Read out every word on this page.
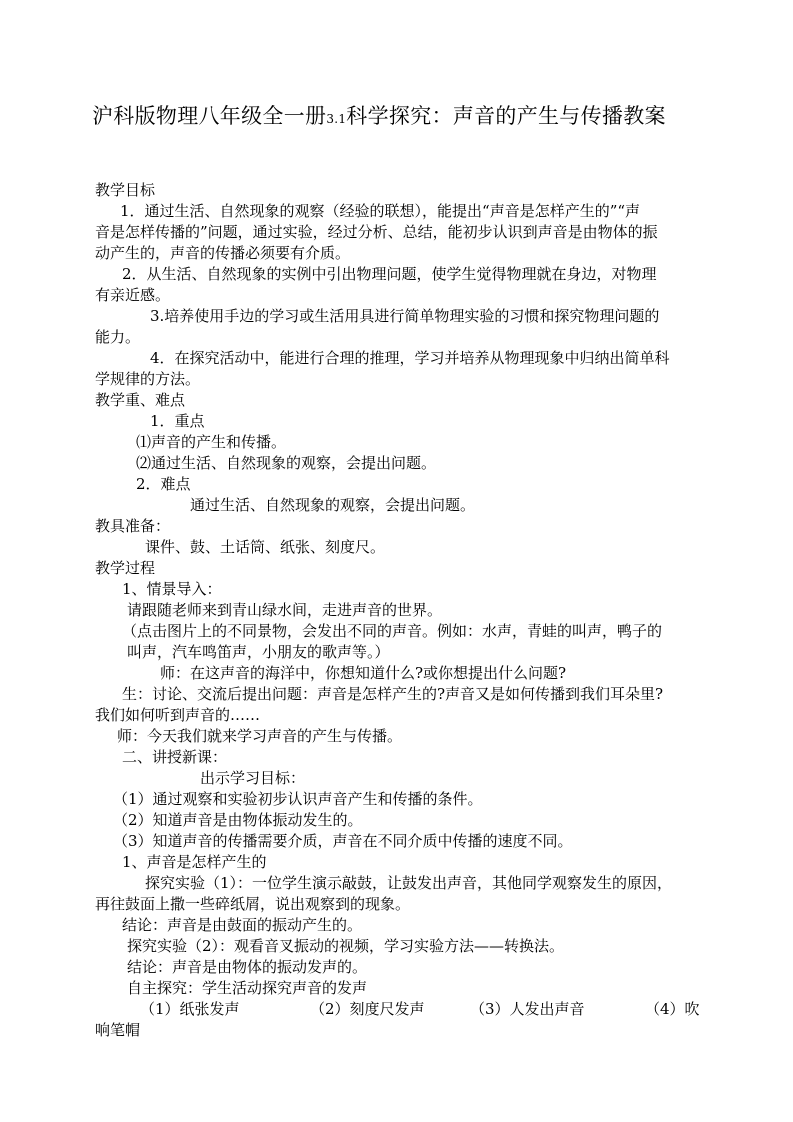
沪科版物理八年级全一册3.1科学探究：声音的产生与传播教案
教学目标
1．通过生活、自然现象的观察（经验的联想），能提出“声音是怎样产生的”“声
音是怎样传播的”问题，通过实验，经过分析、总结，能初步认识到声音是由物体的振
动产生的，声音的传播必须要有介质。
2．从生活、自然现象的实例中引出物理问题，使学生觉得物理就在身边，对物理
有亲近感。
3.培养使用手边的学习或生活用具进行简单物理实验的习惯和探究物理问题的
能力。
4．在探究活动中，能进行合理的推理，学习并培养从物理现象中归纳出简单科
学规律的方法。
教学重、难点
1．重点
⑴声音的产生和传播。
⑵通过生活、自然现象的观察，会提出问题。
2．难点
通过生活、自然现象的观察，会提出问题。
教具准备：
课件、鼓、土话筒、纸张、刻度尺。
教学过程
1、情景导入：
请跟随老师来到青山绿水间，走进声音的世界。
（点击图片上的不同景物，会发出不同的声音。例如：水声，青蛙的叫声，鸭子的
叫声，汽车鸣笛声，小朋友的歌声等。）
师：在这声音的海洋中，你想知道什么?或你想提出什么问题?
生：讨论、交流后提出问题：声音是怎样产生的?声音又是如何传播到我们耳朵里?
我们如何听到声音的……
师：今天我们就来学习声音的产生与传播。
二、讲授新课：
出示学习目标：
（1）通过观察和实验初步认识声音产生和传播的条件。
（2）知道声音是由物体振动发生的。
（3）知道声音的传播需要介质，声音在不同介质中传播的速度不同。
1、声音是怎样产生的
探究实验（1）：一位学生演示敲鼓，让鼓发出声音，其他同学观察发生的原因，
再往鼓面上撒一些碎纸屑，说出观察到的现象。
结论：声音是由鼓面的振动产生的。
探究实验（2）：观看音叉振动的视频，学习实验方法——转换法。
结论：声音是由物体的振动发声的。
自主探究：学生活动探究声音的发声
（1）纸张发声	（2）刻度尺发声	（3）人发出声音	（4）吹
响笔帽
